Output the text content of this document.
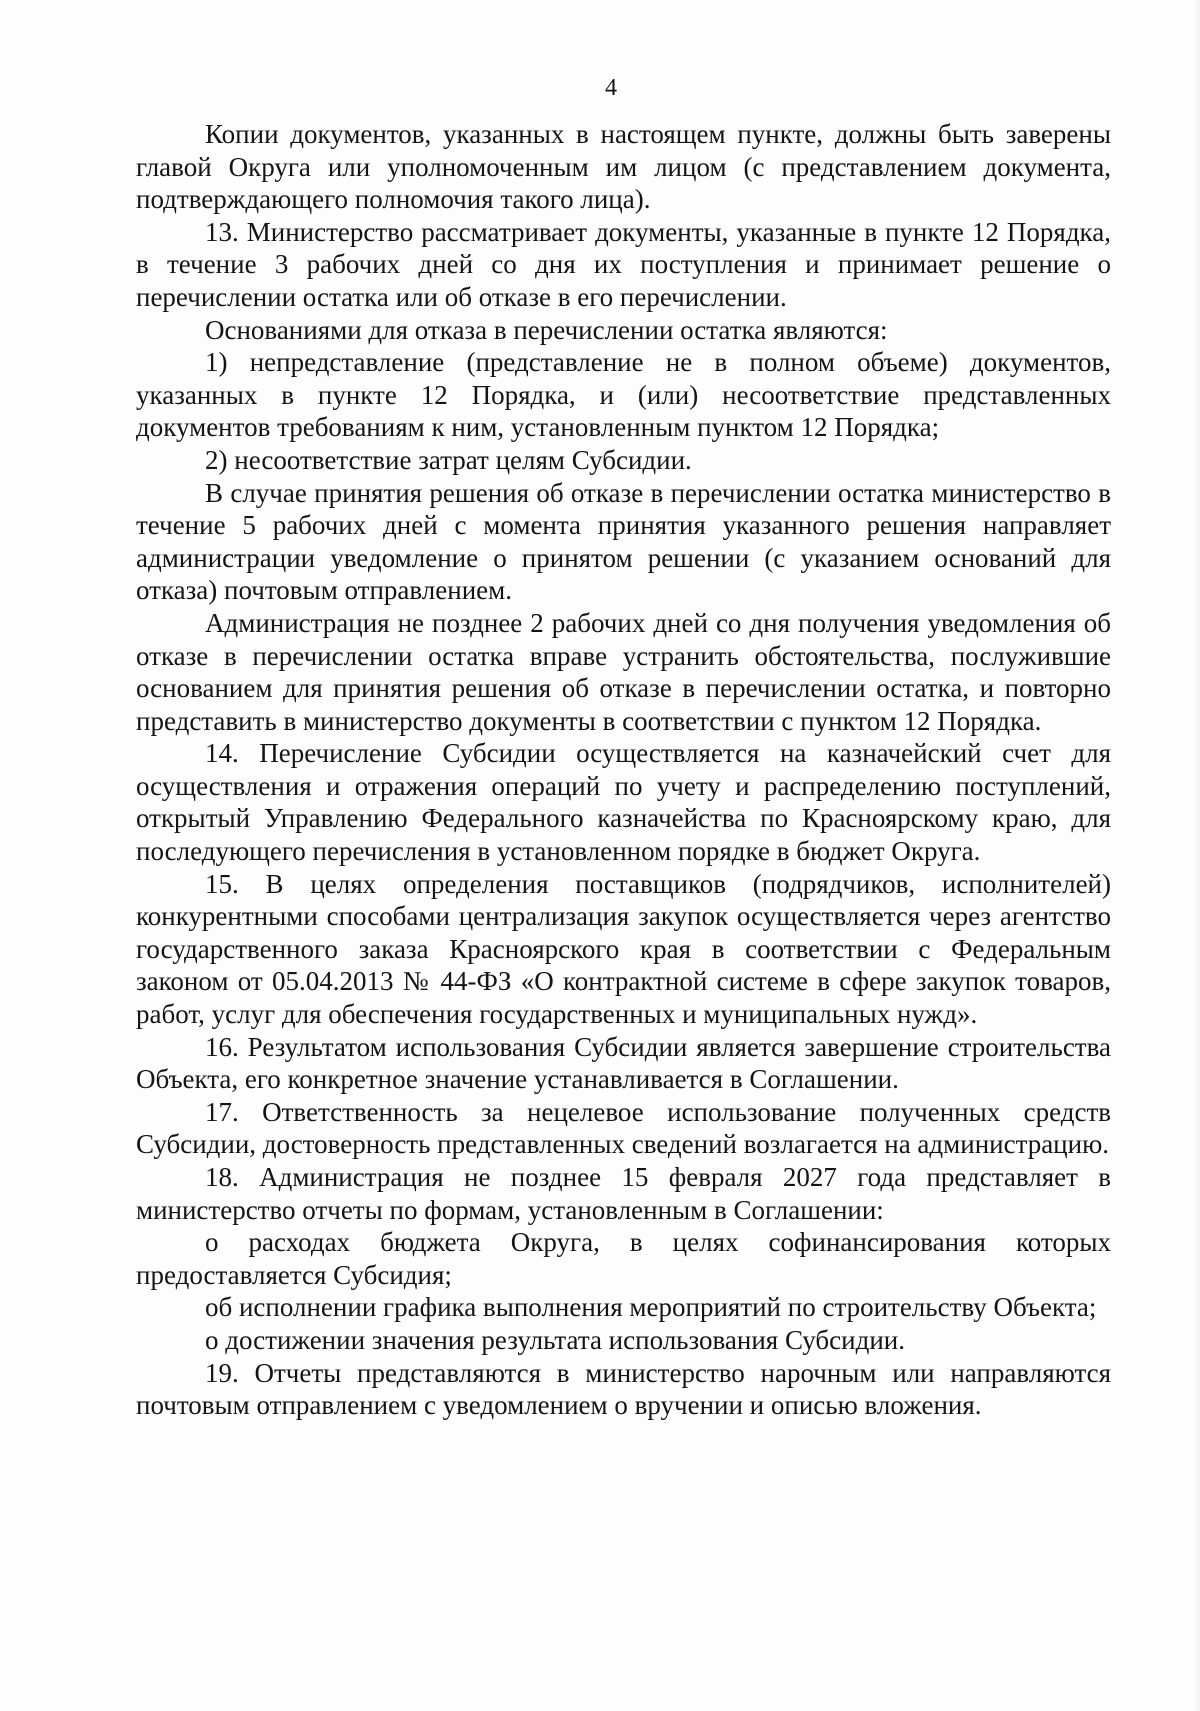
4

Копии документов, указанных в настоящем пункте, должны быть заверены главой Округа или уполномоченным им лицом (с представлением документа, подтверждающего полномочия такого лица).

13. Министерство рассматривает документы, указанные в пункте 12 Порядка, в течение 3 рабочих дней со дня их поступления и принимает решение о перечислении остатка или об отказе в его перечислении.

Основаниями для отказа в перечислении остатка являются:

1) непредставление (представление не в полном объеме) документов, указанных в пункте 12 Порядка, и (или) несоответствие представленных документов требованиям к ним, установленным пунктом 12 Порядка;

2) несоответствие затрат целям Субсидии.

В случае принятия решения об отказе в перечислении остатка министерство в течение 5 рабочих дней с момента принятия указанного решения направляет администрации уведомление о принятом решении (с указанием оснований для отказа) почтовым отправлением.

Администрация не позднее 2 рабочих дней со дня получения уведомления об отказе в перечислении остатка вправе устранить обстоятельства, послужившие основанием для принятия решения об отказе в перечислении остатка, и повторно представить в министерство документы в соответствии с пунктом 12 Порядка.

14. Перечисление Субсидии осуществляется на казначейский счет для осуществления и отражения операций по учету и распределению поступлений, открытый Управлению Федерального казначейства по Красноярскому краю, для последующего перечисления в установленном порядке в бюджет Округа.

15. В целях определения поставщиков (подрядчиков, исполнителей) конкурентными способами централизация закупок осуществляется через агентство государственного заказа Красноярского края в соответствии с Федеральным законом от 05.04.2013 № 44-ФЗ «О контрактной системе в сфере закупок товаров, работ, услуг для обеспечения государственных и муниципальных нужд».

16. Результатом использования Субсидии является завершение строительства Объекта, его конкретное значение устанавливается в Соглашении.

17. Ответственность за нецелевое использование полученных средств Субсидии, достоверность представленных сведений возлагается на администрацию.

18. Администрация не позднее 15 февраля 2027 года представляет в министерство отчеты по формам, установленным в Соглашении:

о расходах бюджета Округа, в целях софинансирования которых предоставляется Субсидия;

об исполнении графика выполнения мероприятий по строительству Объекта;

о достижении значения результата использования Субсидии.

19. Отчеты представляются в министерство нарочным или направляются почтовым отправлением с уведомлением о вручении и описью вложения.
